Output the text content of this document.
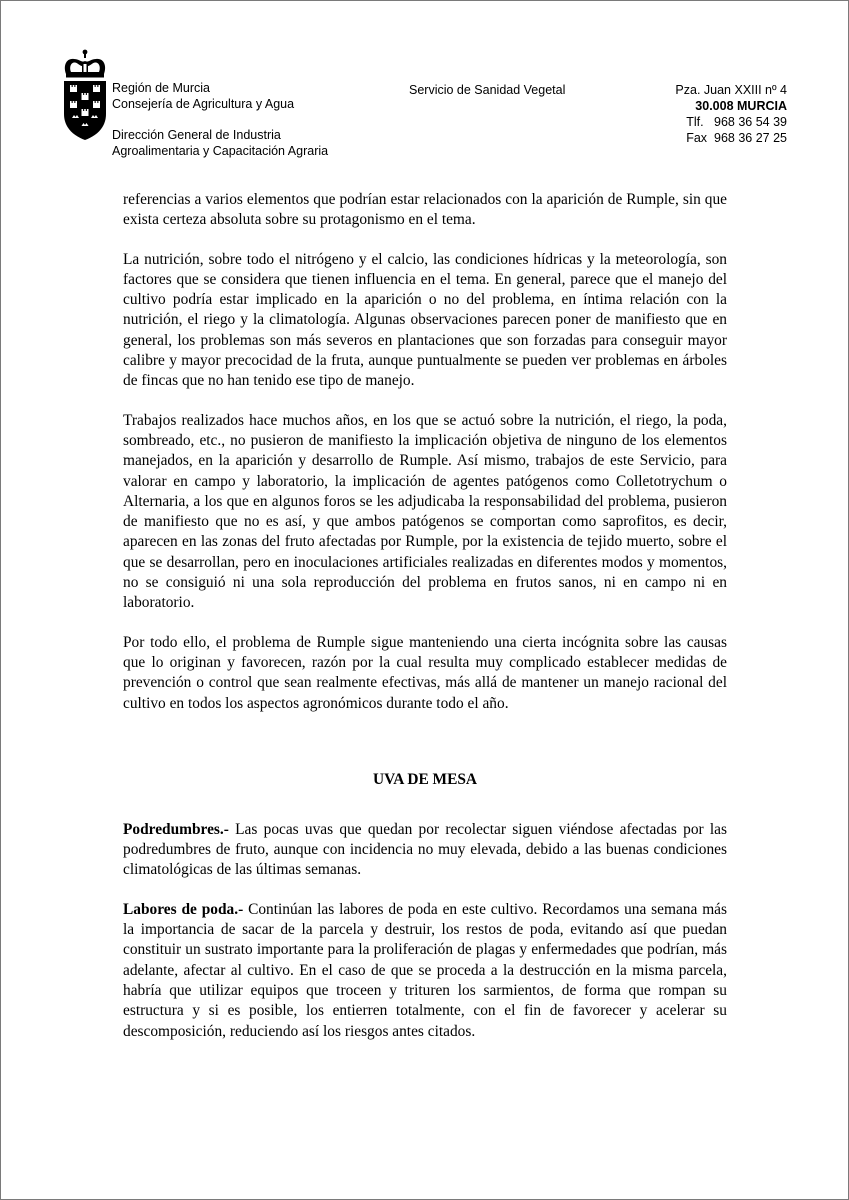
Región de Murcia
Consejería de Agricultura y Agua
Dirección General de Industria
Agroalimentaria y Capacitación Agraria
Servicio de Sanidad Vegetal	Pza. Juan XXIII nº 4
30.008 MURCIA
Tlf.   968 36 54 39
Fax  968 36 27 25

referencias a varios elementos que podrían estar relacionados con la aparición de Rumple, sin que exista certeza absoluta sobre su protagonismo en el tema.

La nutrición, sobre todo el nitrógeno y el calcio, las condiciones hídricas y la meteorología, son factores que se considera que tienen influencia en el tema. En general, parece que el manejo del cultivo podría estar implicado en la aparición o no del problema, en íntima relación con la nutrición, el riego y la climatología. Algunas observaciones parecen poner de manifiesto que en general, los problemas son más severos en plantaciones que son forzadas para conseguir mayor calibre y mayor precocidad de la fruta, aunque puntualmente se pueden ver problemas en árboles de fincas que no han tenido ese tipo de manejo.

Trabajos realizados hace muchos años, en los que se actuó sobre la nutrición, el riego, la poda, sombreado, etc., no pusieron de manifiesto la implicación objetiva de ninguno de los elementos manejados, en la aparición y desarrollo de Rumple. Así mismo, trabajos de este Servicio, para valorar en campo y laboratorio, la implicación de agentes patógenos como Colletotrychum o Alternaria, a los que en algunos foros se les adjudicaba la responsabilidad del problema, pusieron de manifiesto que no es así, y que ambos patógenos se comportan como saprofitos, es decir, aparecen en las zonas del fruto afectadas por Rumple, por la existencia de tejido muerto, sobre el que se desarrollan, pero en inoculaciones artificiales realizadas en diferentes modos y momentos, no se consiguió ni una sola reproducción del problema en frutos sanos, ni en campo ni en laboratorio.

Por todo ello, el problema de Rumple sigue manteniendo una cierta incógnita sobre las causas que lo originan y favorecen, razón por la cual resulta muy complicado establecer medidas de prevención o control que sean realmente efectivas, más allá de mantener un manejo racional del cultivo en todos los aspectos agronómicos durante todo el año.

UVA DE MESA

Podredumbres.- Las pocas uvas que quedan por recolectar siguen viéndose afectadas por las podredumbres de fruto, aunque con incidencia no muy elevada, debido a las buenas condiciones climatológicas de las últimas semanas.

Labores de poda.- Continúan las labores de poda en este cultivo. Recordamos una semana más la importancia de sacar de la parcela y destruir, los restos de poda, evitando así que puedan constituir un sustrato importante para la proliferación de plagas y enfermedades que podrían, más adelante, afectar al cultivo. En el caso de que se proceda a la destrucción en la misma parcela, habría que utilizar equipos que troceen y trituren los sarmientos, de forma que rompan su estructura y si es posible, los entierren totalmente, con el fin de favorecer y acelerar su descomposición, reduciendo así los riesgos antes citados.
